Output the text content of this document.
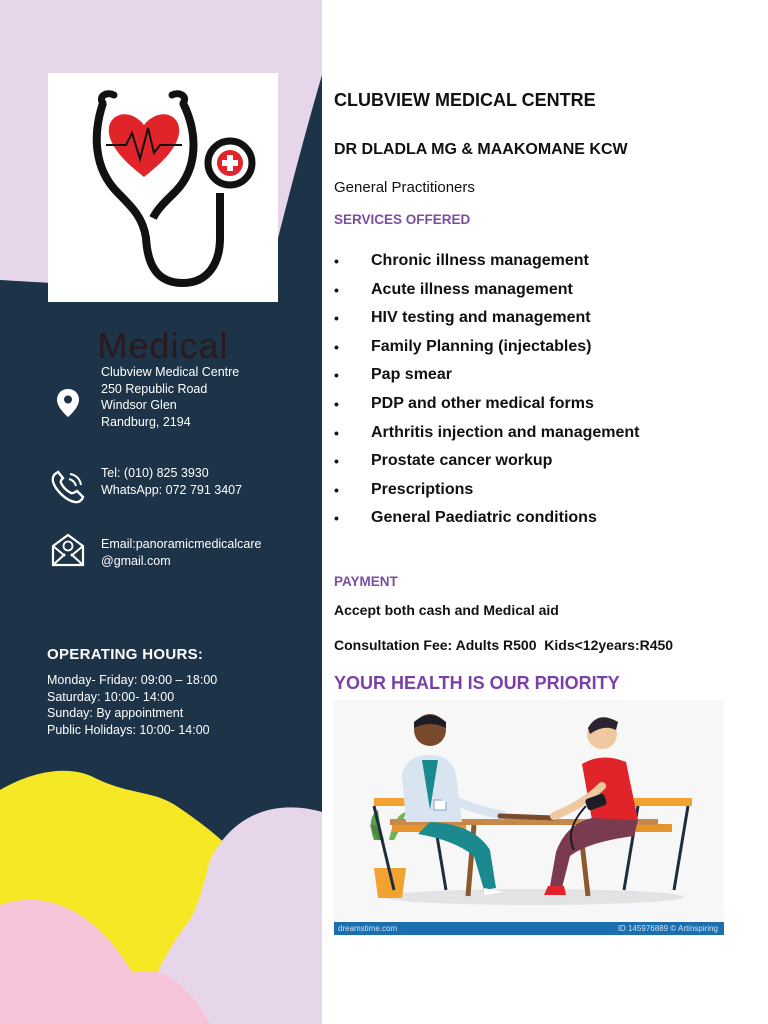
Medical
Clubview Medical Centre
250 Republic Road
Windsor Glen
Randburg, 2194
Tel: (010) 825 3930
WhatsApp: 072 791 3407
Email:panoramicmedicalcare
@gmail.com
OPERATING HOURS:
Monday- Friday: 09:00 – 18:00
Saturday: 10:00- 14:00
Sunday: By appointment
Public Holidays: 10:00- 14:00
CLUBVIEW MEDICAL CENTRE
DR DLADLA MG & MAAKOMANE KCW
General Practitioners
SERVICES OFFERED
• Chronic illness management
• Acute illness management
• HIV testing and management
• Family Planning (injectables)
• Pap smear
• PDP and other medical forms
• Arthritis injection and management
• Prostate cancer workup
• Prescriptions
• General Paediatric conditions
PAYMENT
Accept both cash and Medical aid
Consultation Fee: Adults R500  Kids<12years:R450
YOUR HEALTH IS OUR PRIORITY
dreamstime.com	ID 145976889 © Artinspiring
